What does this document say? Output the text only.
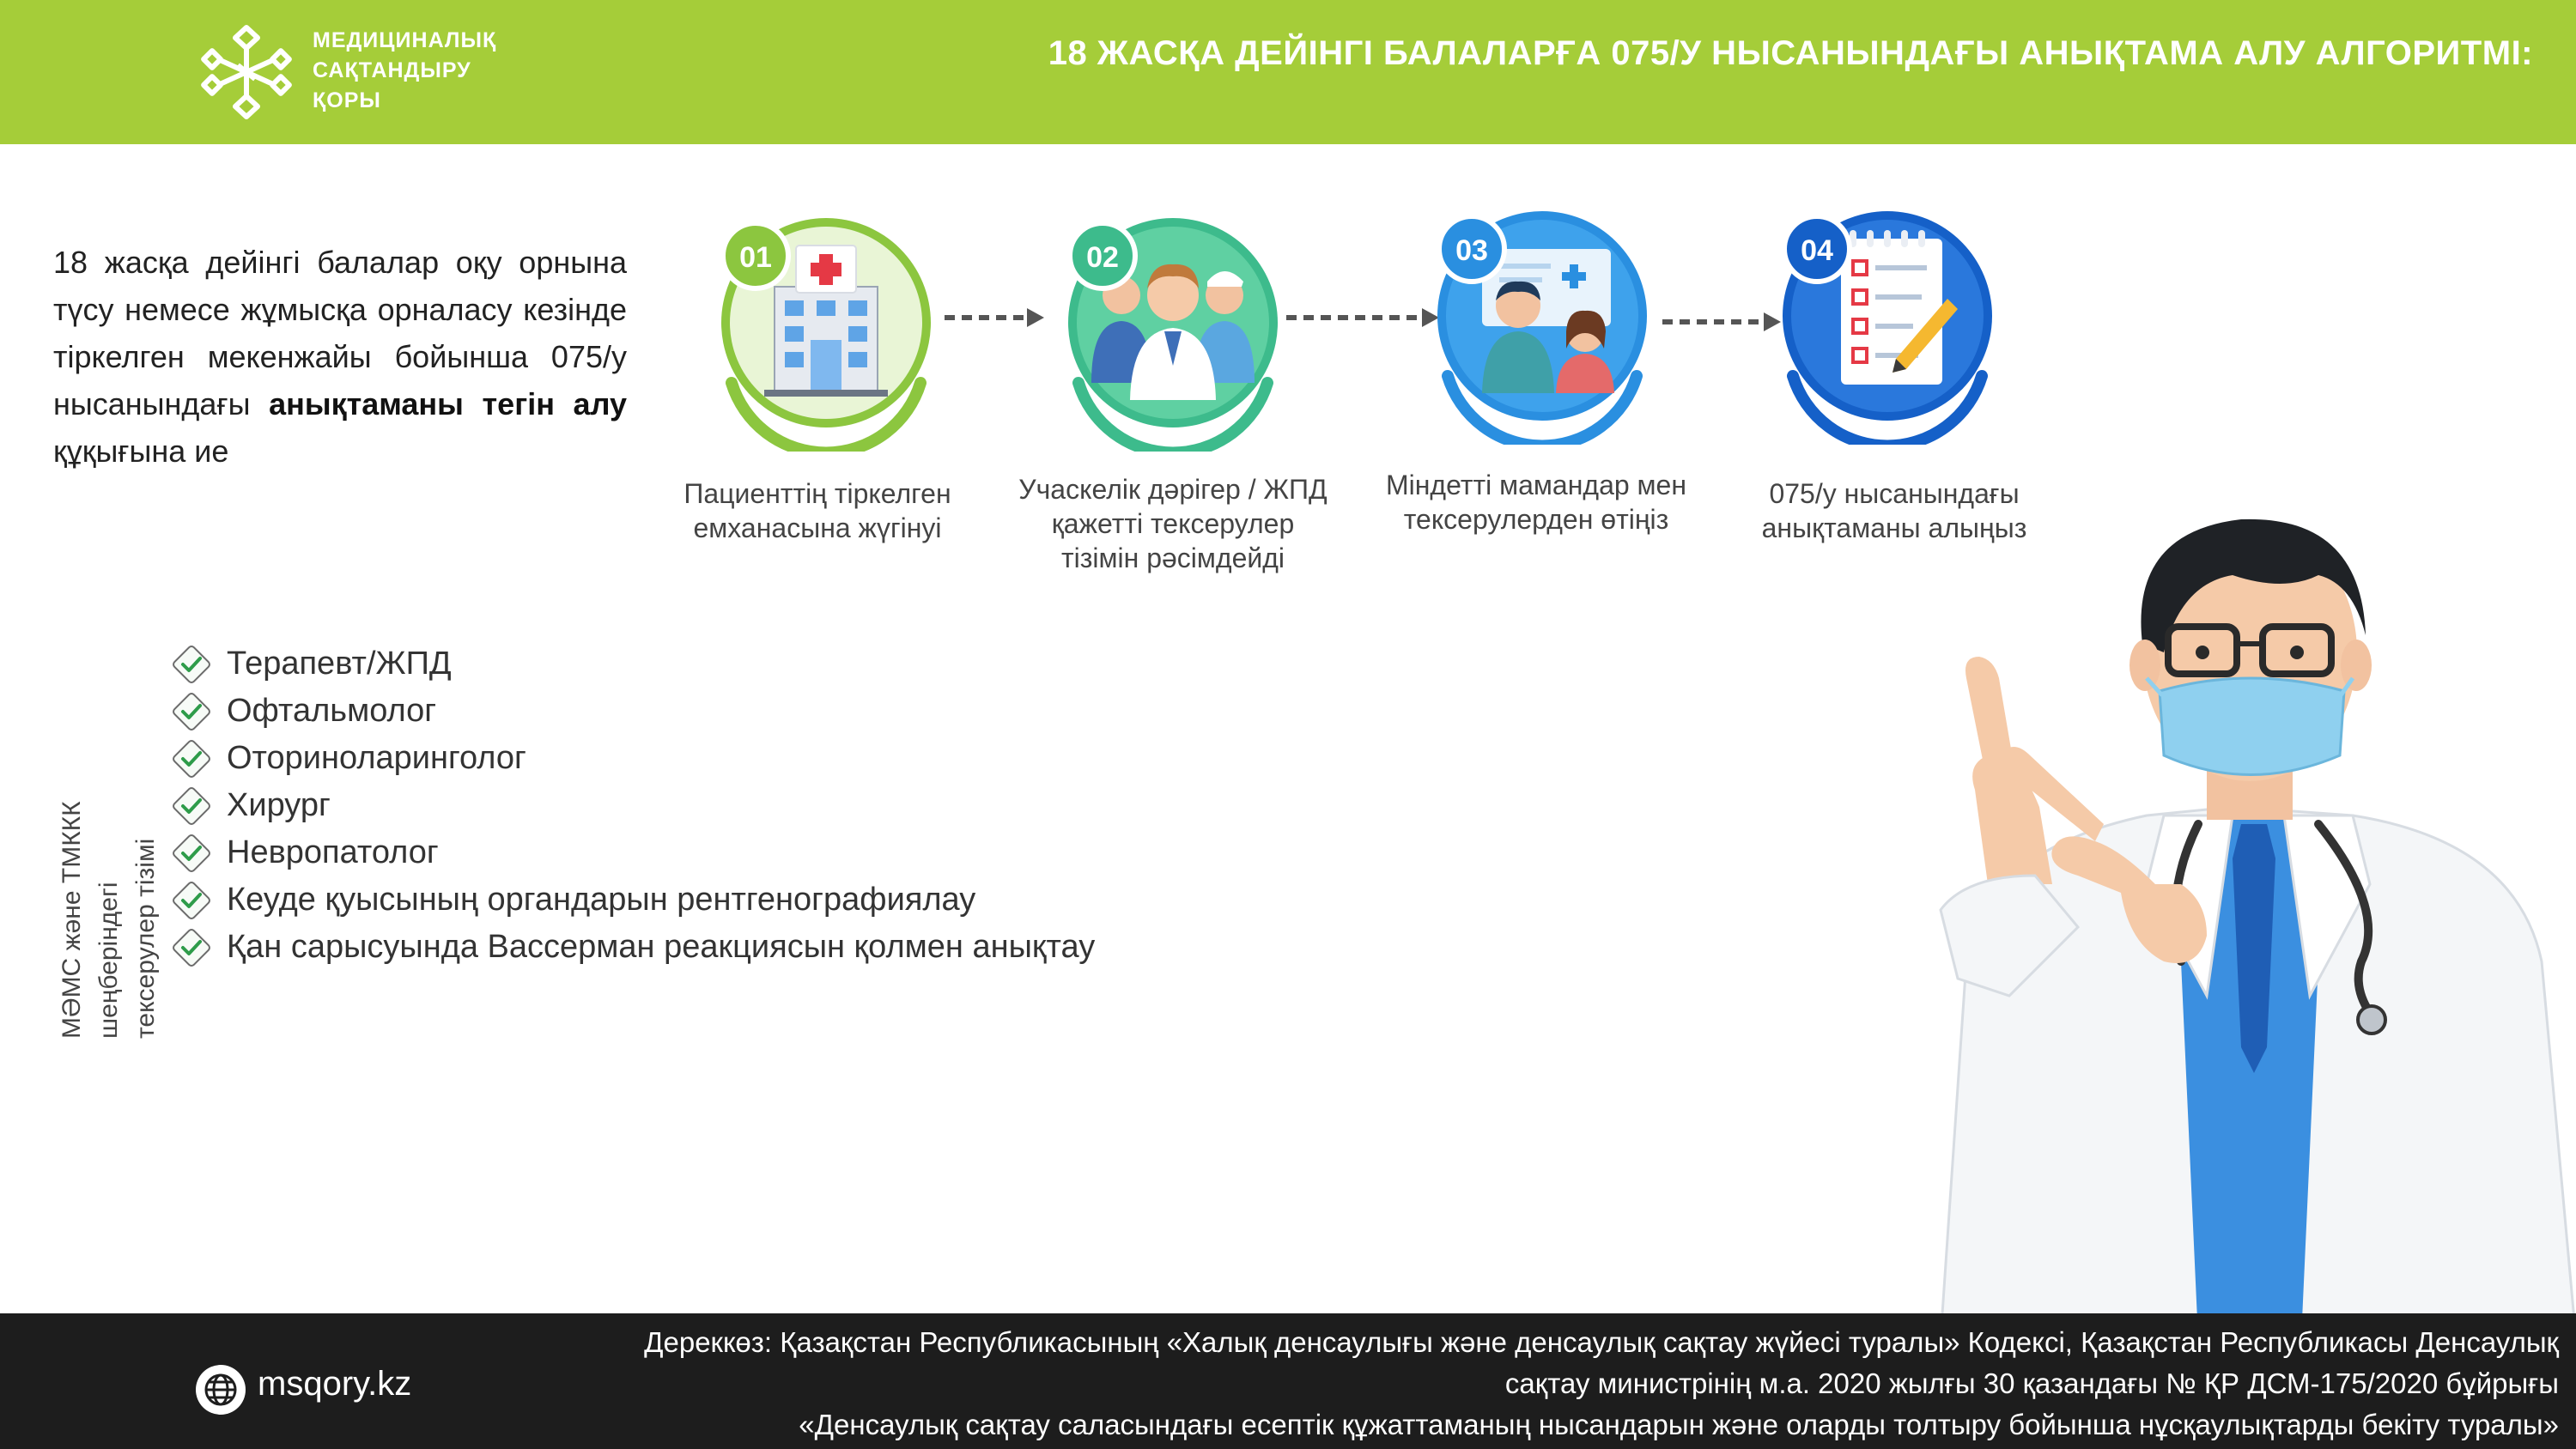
МЕДИЦИНАЛЫҚ
САҚТАНДЫРУ
ҚОРЫ
18 ЖАСҚА ДЕЙІНГІ БАЛАЛАРҒА 075/У НЫСАНЫНДАҒЫ АНЫҚТАМА АЛУ АЛГОРИТМІ:
18 жасқа дейінгі балалар оқу орнына түсу немесе жұмысқа орналасу кезінде тіркелген мекенжайы бойынша 075/у нысанындағы анықтаманы тегін алу құқығына ие
01
Пациенттің тіркелген емханасына жүгінуі
02
Учаскелік дәрігер / ЖПД қажетті тексерулер тізімін рәсімдейді
03
Міндетті мамандар мен тексерулерден өтіңіз
04
075/у нысанындағы анықтаманы алыңыз
МӘМС және ТМККК шеңберіндегі тексерулер тізімі
Терапевт/ЖПД
Офтальмолог
Оториноларинголог
Хирург
Невропатолог
Кеуде қуысының органдарын рентгенографиялау
Қан сарысуында Вассерман реакциясын қолмен анықтау
msqory.kz
Дереккөз: Қазақстан Республикасының «Халық денсаулығы және денсаулық сақтау жүйесі туралы» Кодексі, Қазақстан Республикасы Денсаулық
сақтау министрінің м.а. 2020 жылғы 30 қазандағы № ҚР ДСМ-175/2020 бұйрығы
«Денсаулық сақтау саласындағы есептік құжаттаманың нысандарын және оларды толтыру бойынша нұсқаулықтарды бекіту туралы»
